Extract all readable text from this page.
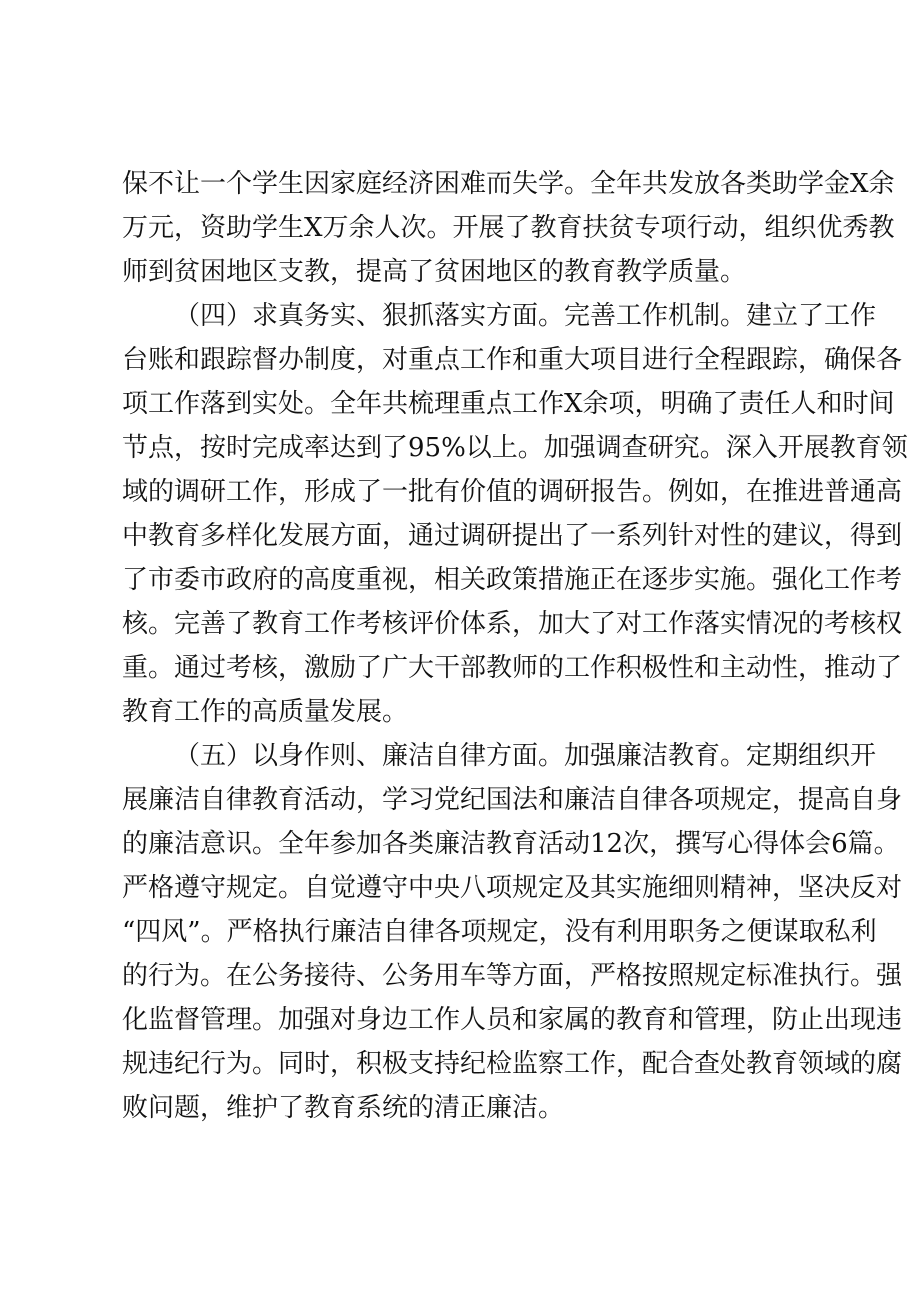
保不让一个学生因家庭经济困难而失学。全年共发放各类助学金X余
万元，资助学生X万余人次。开展了教育扶贫专项行动，组织优秀教
师到贫困地区支教，提高了贫困地区的教育教学质量。
（四）求真务实、狠抓落实方面。完善工作机制。建立了工作
台账和跟踪督办制度，对重点工作和重大项目进行全程跟踪，确保各
项工作落到实处。全年共梳理重点工作X余项，明确了责任人和时间
节点，按时完成率达到了95%以上。加强调查研究。深入开展教育领
域的调研工作，形成了一批有价值的调研报告。例如，在推进普通高
中教育多样化发展方面，通过调研提出了一系列针对性的建议，得到
了市委市政府的高度重视，相关政策措施正在逐步实施。强化工作考
核。完善了教育工作考核评价体系，加大了对工作落实情况的考核权
重。通过考核，激励了广大干部教师的工作积极性和主动性，推动了
教育工作的高质量发展。
（五）以身作则、廉洁自律方面。加强廉洁教育。定期组织开
展廉洁自律教育活动，学习党纪国法和廉洁自律各项规定，提高自身
的廉洁意识。全年参加各类廉洁教育活动12次，撰写心得体会6篇。
严格遵守规定。自觉遵守中央八项规定及其实施细则精神，坚决反对
“四风”。严格执行廉洁自律各项规定，没有利用职务之便谋取私利
的行为。在公务接待、公务用车等方面，严格按照规定标准执行。强
化监督管理。加强对身边工作人员和家属的教育和管理，防止出现违
规违纪行为。同时，积极支持纪检监察工作，配合查处教育领域的腐
败问题，维护了教育系统的清正廉洁。
